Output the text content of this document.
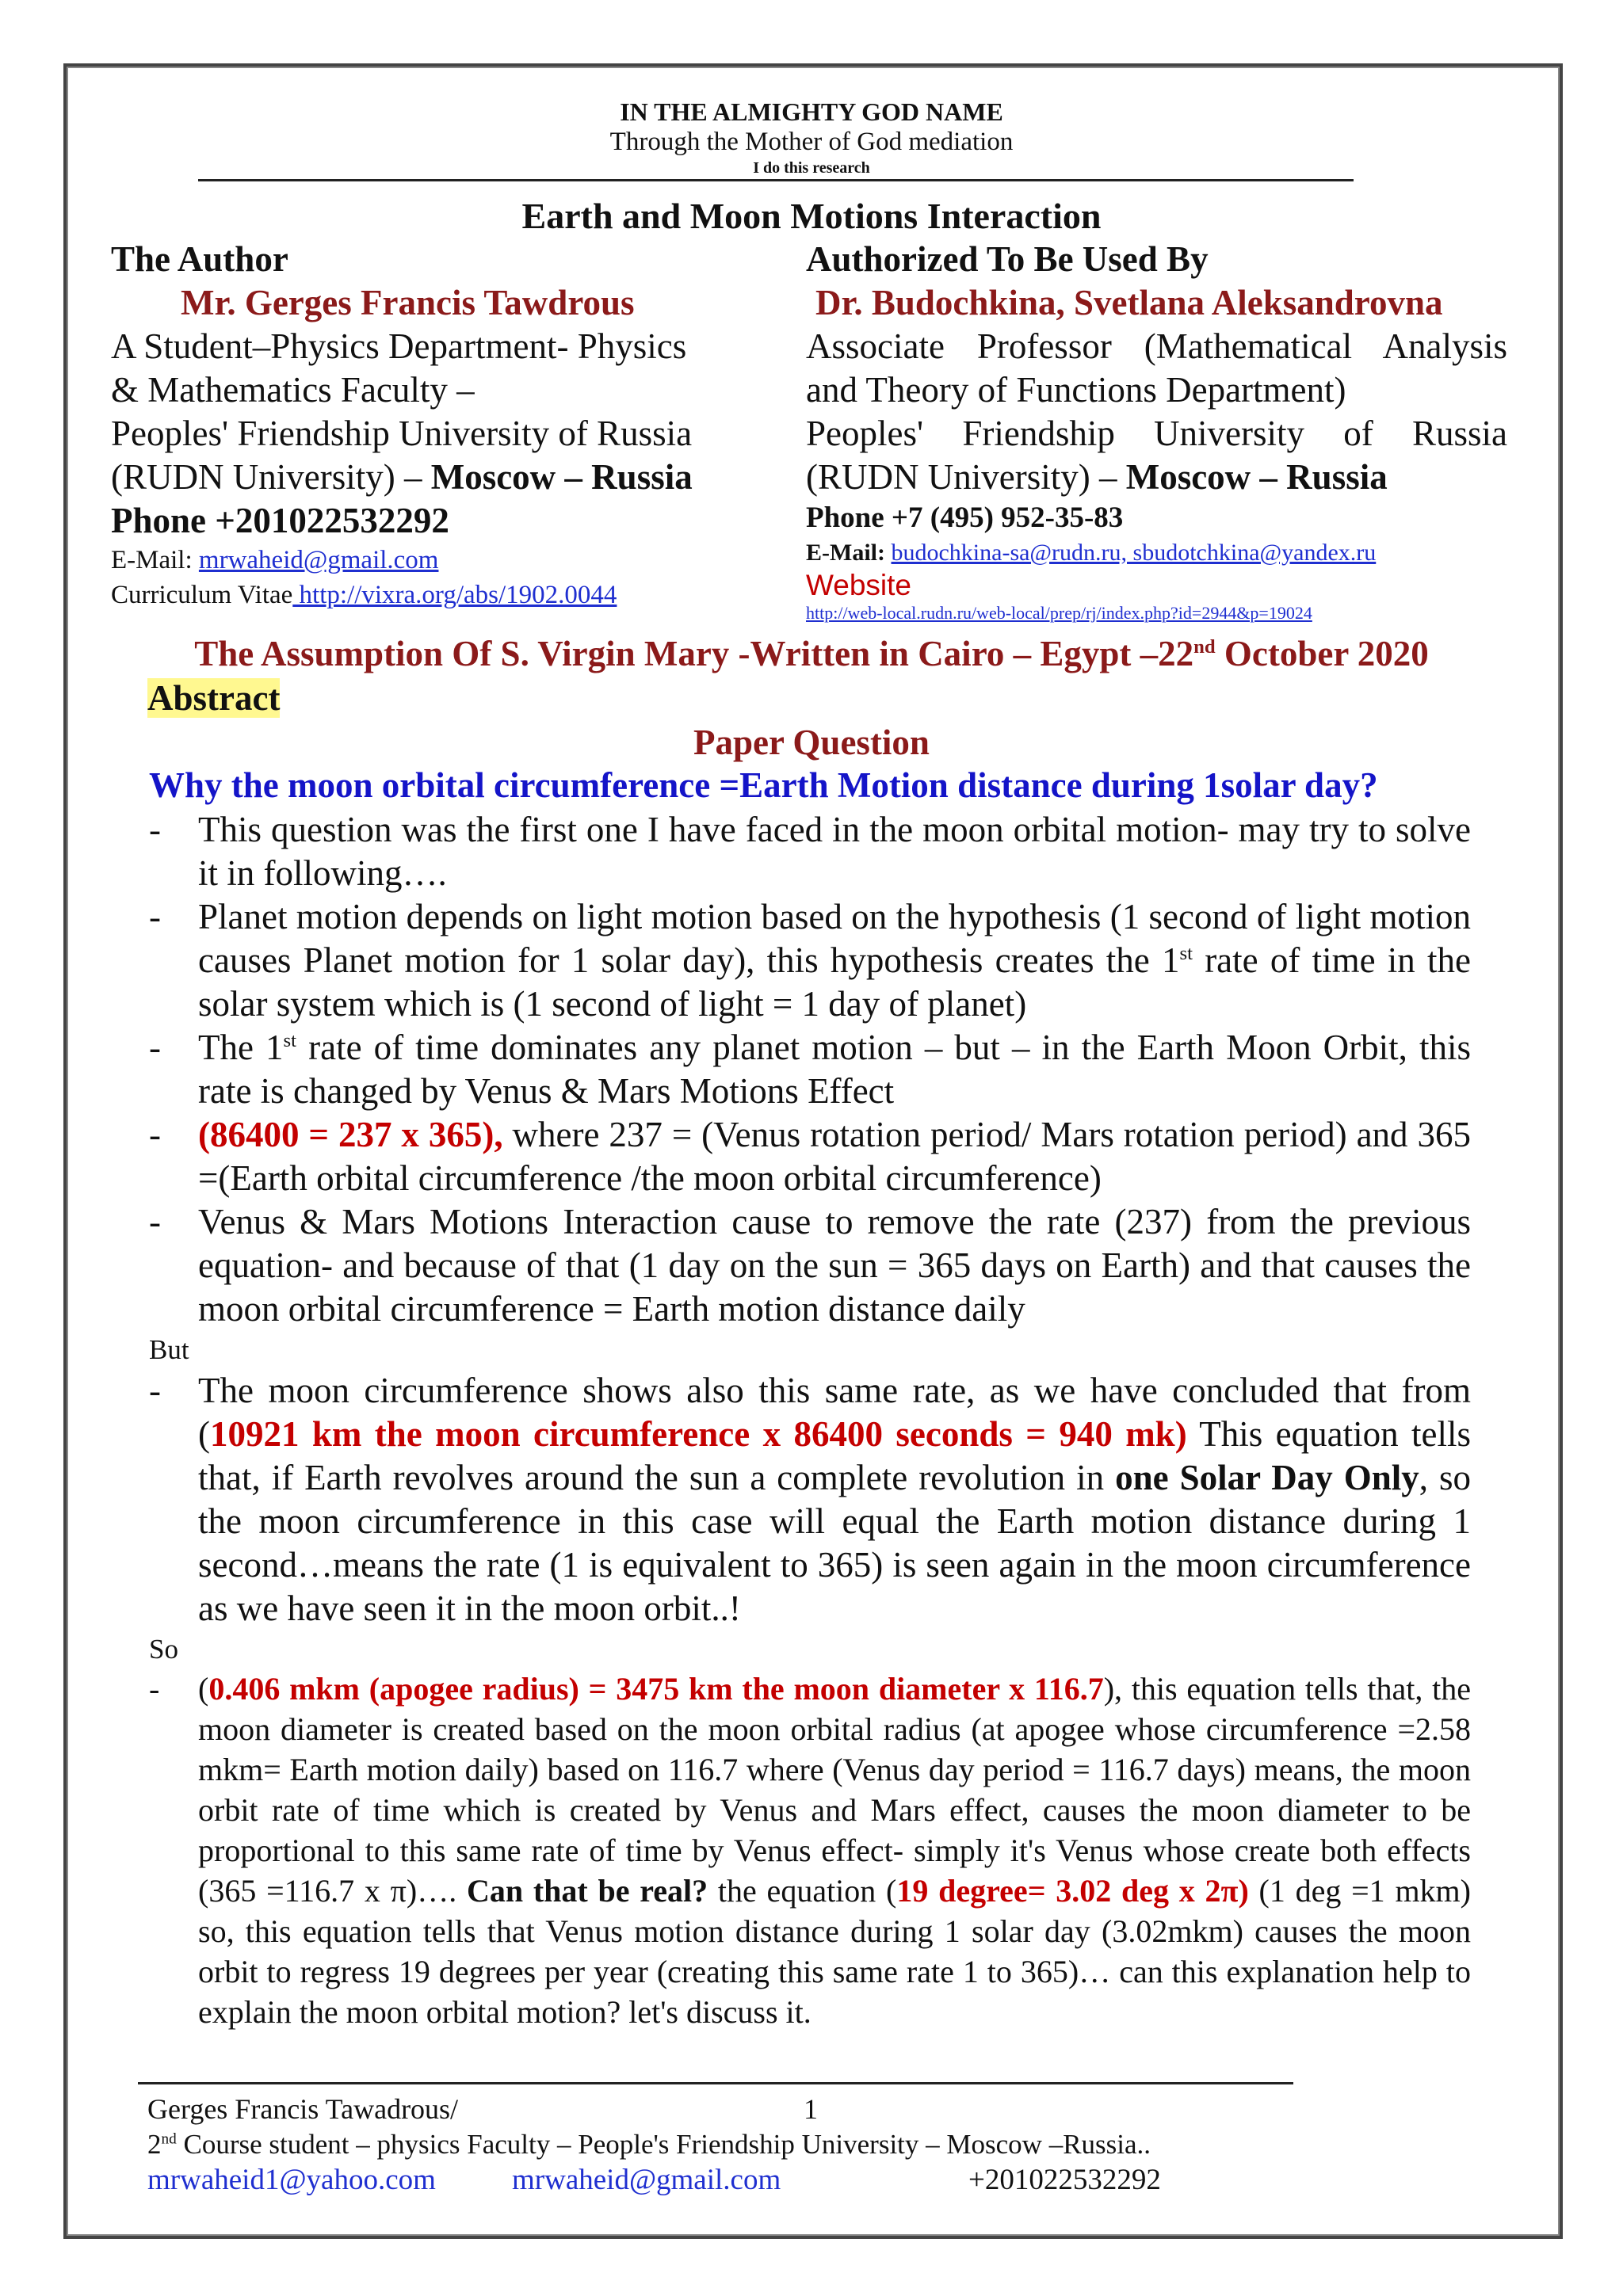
IN THE ALMIGHTY GOD NAME
Through the Mother of God mediation
I do this research
Earth and Moon Motions Interaction
The Author
Mr. Gerges Francis Tawdrous
A Student–Physics Department- Physics
& Mathematics Faculty –
Peoples' Friendship University of Russia
(RUDN University) – Moscow – Russia
Phone +201022532292
E-Mail: mrwaheid@gmail.com
Curriculum Vitae http://vixra.org/abs/1902.0044
Authorized To Be Used By
Dr. Budochkina, Svetlana Aleksandrovna
Associate Professor (Mathematical Analysis
and Theory of Functions Department)
Peoples' Friendship University of Russia
(RUDN University) – Moscow – Russia
Phone +7 (495) 952-35-83
E-Mail: budochkina-sa@rudn.ru, sbudotchkina@yandex.ru
Website
http://web-local.rudn.ru/web-local/prep/rj/index.php?id=2944&p=19024
The Assumption Of S. Virgin Mary -Written in Cairo – Egypt –22nd October 2020
Abstract
Paper Question
Why the moon orbital circumference =Earth Motion distance during 1solar day?

- This question was the first one I have faced in the moon orbital motion- may try to solve it in following….

- Planet motion depends on light motion based on the hypothesis (1 second of light motion causes Planet motion for 1 solar day), this hypothesis creates the 1st rate of time in the solar system which is (1 second of light = 1 day of planet)

- The 1st rate of time dominates any planet motion – but – in the Earth Moon Orbit, this rate is changed by Venus & Mars Motions Effect

- (86400 = 237 x 365), where 237 = (Venus rotation period/ Mars rotation period) and 365 =(Earth orbital circumference /the moon orbital circumference)

- Venus & Mars Motions Interaction cause to remove the rate (237) from the previous equation- and because of that (1 day on the sun = 365 days on Earth) and that causes the moon orbital circumference = Earth motion distance daily

But

- The moon circumference shows also this same rate, as we have concluded that from (10921 km the moon circumference x 86400 seconds = 940 mk) This equation tells that, if Earth revolves around the sun a complete revolution in one Solar Day Only, so the moon circumference in this case will equal the Earth motion distance during 1 second…means the rate (1 is equivalent to 365) is seen again in the moon circumference as we have seen it in the moon orbit..!

So

- (0.406 mkm (apogee radius) = 3475 km the moon diameter x 116.7), this equation tells that, the moon diameter is created based on the moon orbital radius (at apogee whose circumference =2.58 mkm= Earth motion daily) based on 116.7 where (Venus day period = 116.7 days) means, the moon orbit rate of time which is created by Venus and Mars effect, causes the moon diameter to be proportional to this same rate of time by Venus effect- simply it's Venus whose create both effects (365 =116.7 x π)…. Can that be real? the equation (19 degree= 3.02 deg x 2π) (1 deg =1 mkm) so, this equation tells that Venus motion distance during 1 solar day (3.02mkm) causes the moon orbit to regress 19 degrees per year (creating this same rate 1 to 365)… can this explanation help to explain the moon orbital motion? let's discuss it.

Gerges Francis Tawadrous/	1
2nd Course student – physics Faculty – People's Friendship University – Moscow –Russia..
mrwaheid1@yahoo.com	mrwaheid@gmail.com	+201022532292
